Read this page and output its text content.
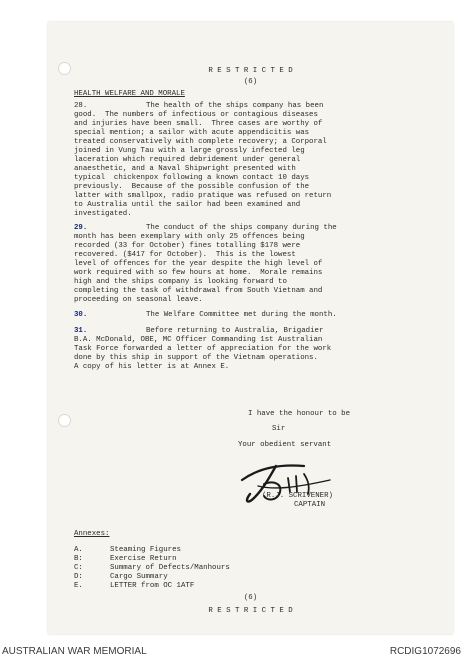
R E S T R I C T E D
(6)
HEALTH WELFARE AND MORALE
28.	The health of the ships company has been
good.  The numbers of infectious or contagious diseases
and injuries have been small.  Three cases are worthy of
special mention; a sailor with acute appendicitis was
treated conservatively with complete recovery; a Corporal
joined in Vung Tau with a large grossly infected leg
laceration which required debridement under general
anaesthetic, and a Naval Shipwright presented with
typical  chickenpox following a known contact 10 days
previously.  Because of the possible confusion of the
latter with smallpox, radio pratique was refused on return
to Australia until the sailor had been examined and
investigated.
29.	The conduct of the ships company during the
month has been exemplary with only 25 offences being
recorded (33 for October) fines totalling $178 were
recovered. ($417 for October).  This is the lowest
level of offences for the year despite the high level of
work required with so few hours at home.  Morale remains
high and the ships company is looking forward to
completing the task of withdrawal from South Vietnam and
proceeding on seasonal leave.
30.	The Welfare Committee met during the month.
31.	Before returning to Australia, Brigadier
B.A. McDonald, OBE, MC Officer Commanding 1st Australian
Task Force forwarded a letter of appreciation for the work
done by this ship in support of the Vietnam operations.
A copy of his letter is at Annex E.
I have the honour to be
Sir
Your obedient servant
(R.J. SCRIVENER)
CAPTAIN
Annexes:
A.	Steaming Figures
B:	Exercise Return
C:	Summary of Defects/Manhours
D:	Cargo Summary
E.	LETTER from OC 1ATF
(6)
R E S T R I C T E D
AUSTRALIAN WAR MEMORIAL	RCDIG1072696
